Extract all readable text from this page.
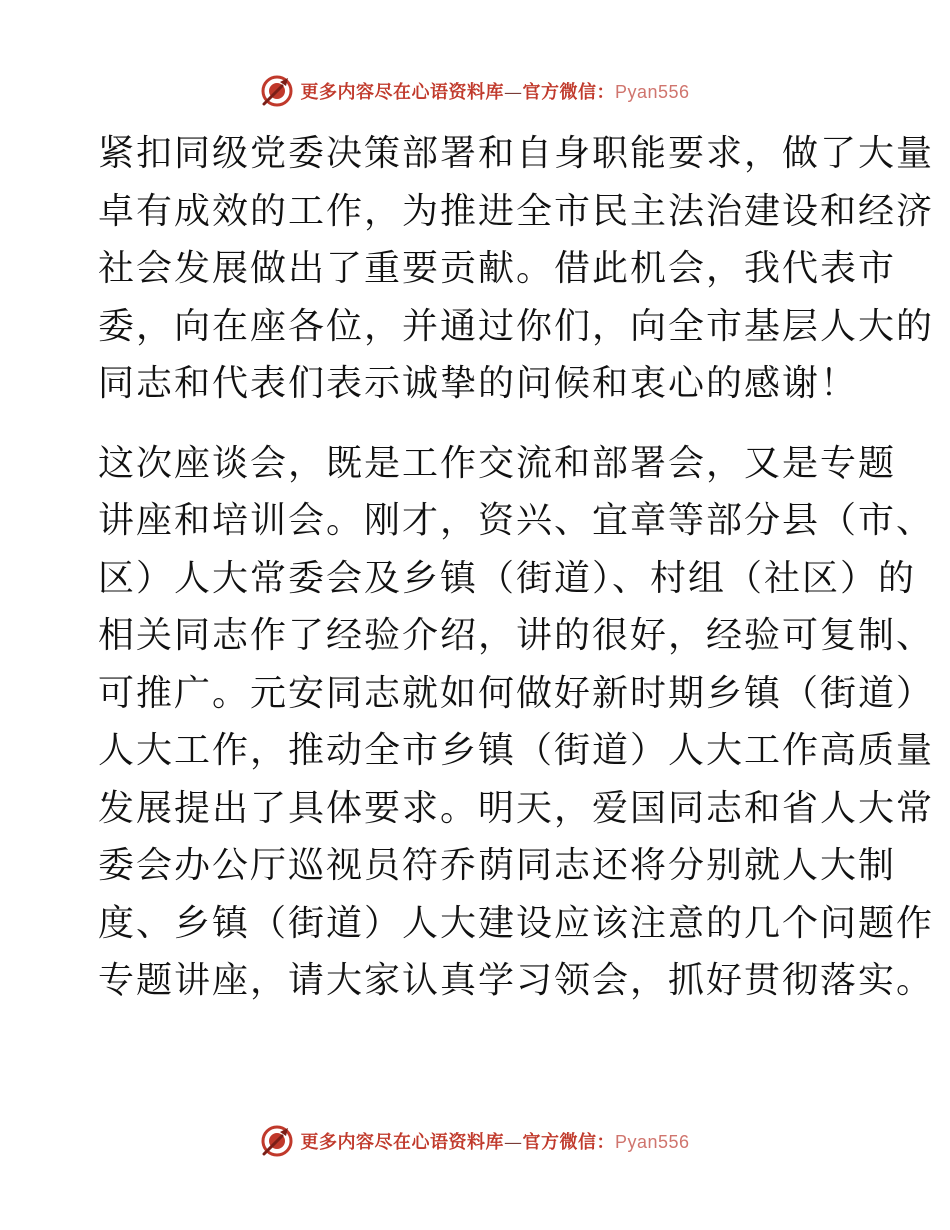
更多内容尽在心语资料库—官方微信：Pyan556

紧扣同级党委决策部署和自身职能要求，做了大量

卓有成效的工作，为推进全市民主法治建设和经济

社会发展做出了重要贡献。借此机会，我代表市

委，向在座各位，并通过你们，向全市基层人大的

同志和代表们表示诚挚的问候和衷心的感谢！

这次座谈会，既是工作交流和部署会，又是专题

讲座和培训会。刚才，资兴、宜章等部分县（市、

区）人大常委会及乡镇（街道）、村组（社区）的

相关同志作了经验介绍，讲的很好，经验可复制、

可推广。元安同志就如何做好新时期乡镇（街道）

人大工作，推动全市乡镇（街道）人大工作高质量

发展提出了具体要求。明天，爱国同志和省人大常

委会办公厅巡视员符乔荫同志还将分别就人大制

度、乡镇（街道）人大建设应该注意的几个问题作

专题讲座，请大家认真学习领会，抓好贯彻落实。

更多内容尽在心语资料库—官方微信：Pyan556
